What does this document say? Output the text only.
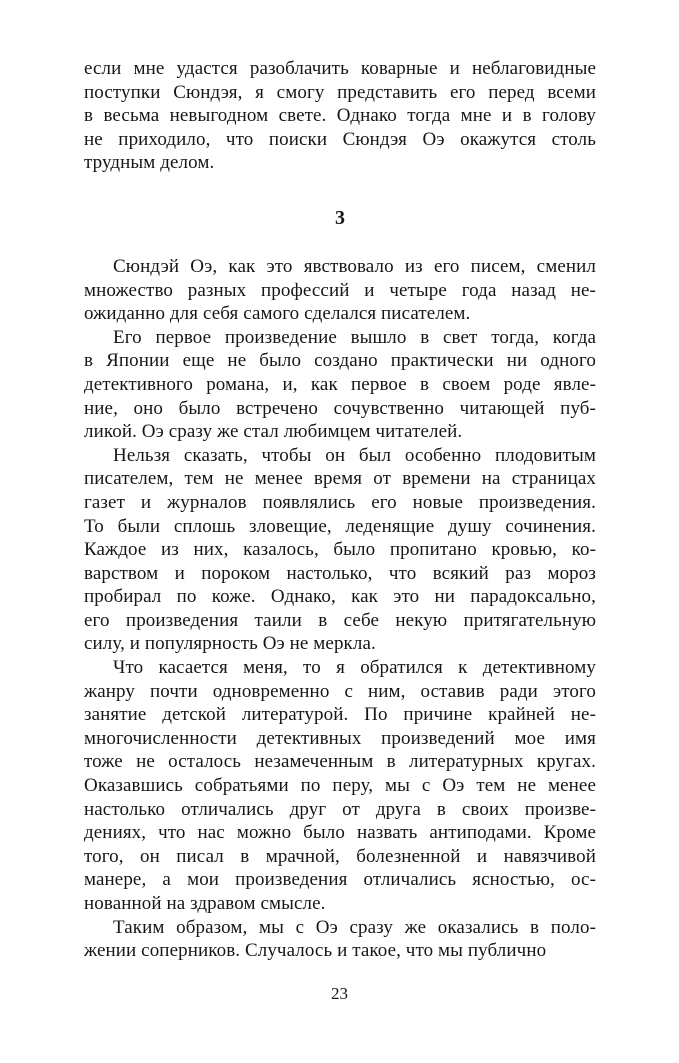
если мне удастся разоблачить коварные и неблаговидные
поступки Сюндэя, я смогу представить его перед всеми
в весьма невыгодном свете. Однако тогда мне и в голову
не приходило, что поиски Сюндэя Оэ окажутся столь
трудным делом.
3
Сюндэй Оэ, как это явствовало из его писем, сменил
множество разных профессий и четыре года назад не-
ожиданно для себя самого сделался писателем.
Его первое произведение вышло в свет тогда, когда
в Японии еще не было создано практически ни одного
детективного романа, и, как первое в своем роде явле-
ние, оно было встречено сочувственно читающей пуб-
ликой. Оэ сразу же стал любимцем читателей.
Нельзя сказать, чтобы он был особенно плодовитым
писателем, тем не менее время от времени на страницах
газет и журналов появлялись его новые произведения.
То были сплошь зловещие, леденящие душу сочинения.
Каждое из них, казалось, было пропитано кровью, ко-
варством и пороком настолько, что всякий раз мороз
пробирал по коже. Однако, как это ни парадоксально,
его произведения таили в себе некую притягательную
силу, и популярность Оэ не меркла.
Что касается меня, то я обратился к детективному
жанру почти одновременно с ним, оставив ради этого
занятие детской литературой. По причине крайней не-
многочисленности детективных произведений мое имя
тоже не осталось незамеченным в литературных кругах.
Оказавшись собратьями по перу, мы с Оэ тем не менее
настолько отличались друг от друга в своих произве-
дениях, что нас можно было назвать антиподами. Кроме
того, он писал в мрачной, болезненной и навязчивой
манере, а мои произведения отличались ясностью, ос-
нованной на здравом смысле.
Таким образом, мы с Оэ сразу же оказались в поло-
жении соперников. Случалось и такое, что мы публично
23
